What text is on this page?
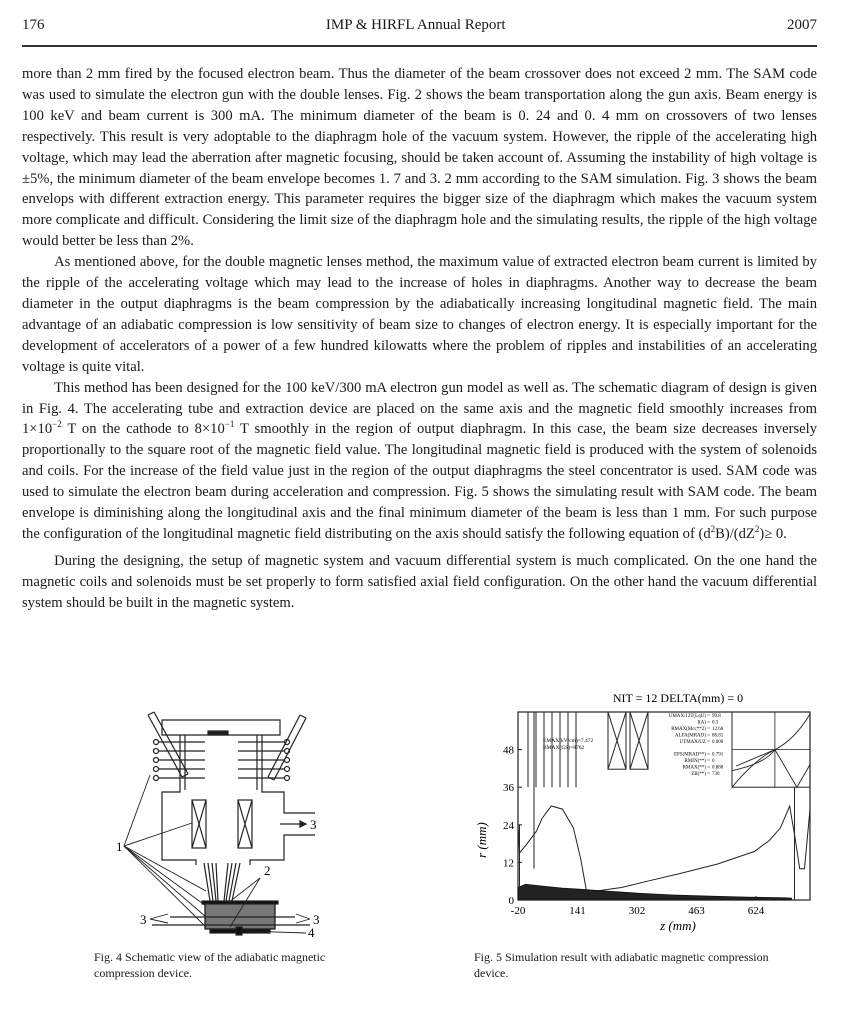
176	IMP & HIRFL Annual Report	2007

more than 2 mm fired by the focused electron beam. Thus the diameter of the beam crossover does not exceed 2 mm. The SAM code was used to simulate the electron gun with the double lenses. Fig. 2 shows the beam transportation along the gun axis. Beam energy is 100 keV and beam current is 300 mA. The minimum diameter of the beam is 0. 24 and 0. 4 mm on crossovers of two lenses respectively. This result is very adoptable to the diaphragm hole of the vacuum system. However, the ripple of the accelerating high voltage, which may lead the aberration after magnetic focusing, should be taken account of. Assuming the instability of high voltage is ±5%, the minimum diameter of the beam envelope becomes 1. 7 and 3. 2 mm according to the SAM simulation. Fig. 3 shows the beam envelops with different extraction energy. This parameter requires the bigger size of the diaphragm which makes the vacuum system more complicate and difficult. Considering the limit size of the diaphragm hole and the simulating results, the ripple of the high voltage would better be less than 2%.

As mentioned above, for the double magnetic lenses method, the maximum value of extracted electron beam current is limited by the ripple of the accelerating voltage which may lead to the increase of holes in diaphragms. Another way to decrease the beam diameter in the output diaphragms is the beam compression by the adiabatically increasing longitudinal magnetic field. The main advantage of an adiabatic compression is low sensitivity of beam size to changes of electron energy. It is especially important for the development of accelerators of a power of a few hundred kilowatts where the problem of ripples and instabilities of an accelerating voltage is quite vital.

This method has been designed for the 100 keV/300 mA electron gun model as well as. The schematic diagram of design is given in Fig. 4. The accelerating tube and extraction device are placed on the same axis and the magnetic field smoothly increases from $1\times 10^{-2}$ T on the cathode to $8\times 10^{-1}$ T smoothly in the region of output diaphragm. In this case, the beam size decreases inversely proportionally to the square root of the magnetic field value. The longitudinal magnetic field is produced with the system of solenoids and coils. For the increase of the field value just in the region of the output diaphragms the steel concentrator is used. SAM code was used to simulate the electron beam during acceleration and compression. Fig. 5 shows the simulating result with SAM code. The beam envelope is diminishing along the longitudinal axis and the final minimum diameter of the beam is less than 1 mm. For such purpose the configuration of the longitudinal magnetic field distributing on the axis should satisfy the following equation of $(d^2B)/(dZ^2)\ge 0$.

During the designing, the setup of magnetic system and vacuum differential system is much complicated. On the one hand the magnetic coils and solenoids must be set properly to form satisfied axial field configuration. On the other hand the vacuum differential system should be built in the magnetic system.

1
2
3
3	3
4
Fig. 4 Schematic view of the adiabatic magnetic compression device.
NIT = 12 DELTA(mm) = 0
EMAX(kV/cm)=7.472
BMAX(GS)=8762
UMAX/12T(LqU) = 99.8
I(A) = 0.3
RMAX(Mcc**2) = 12.66
ALFA(MRAD) = 88.81
UTMAX/UZ = 0.000
EPS(MRAD**) = 0.791
RMIN(**) = 0
RMAX(**) = 0.888
ZB(**) = 730
0
12
24
36
48
-20	141	302	463	624
z (mm)
r (mm)
Fig. 5 Simulation result with adiabatic magnetic compression device.
